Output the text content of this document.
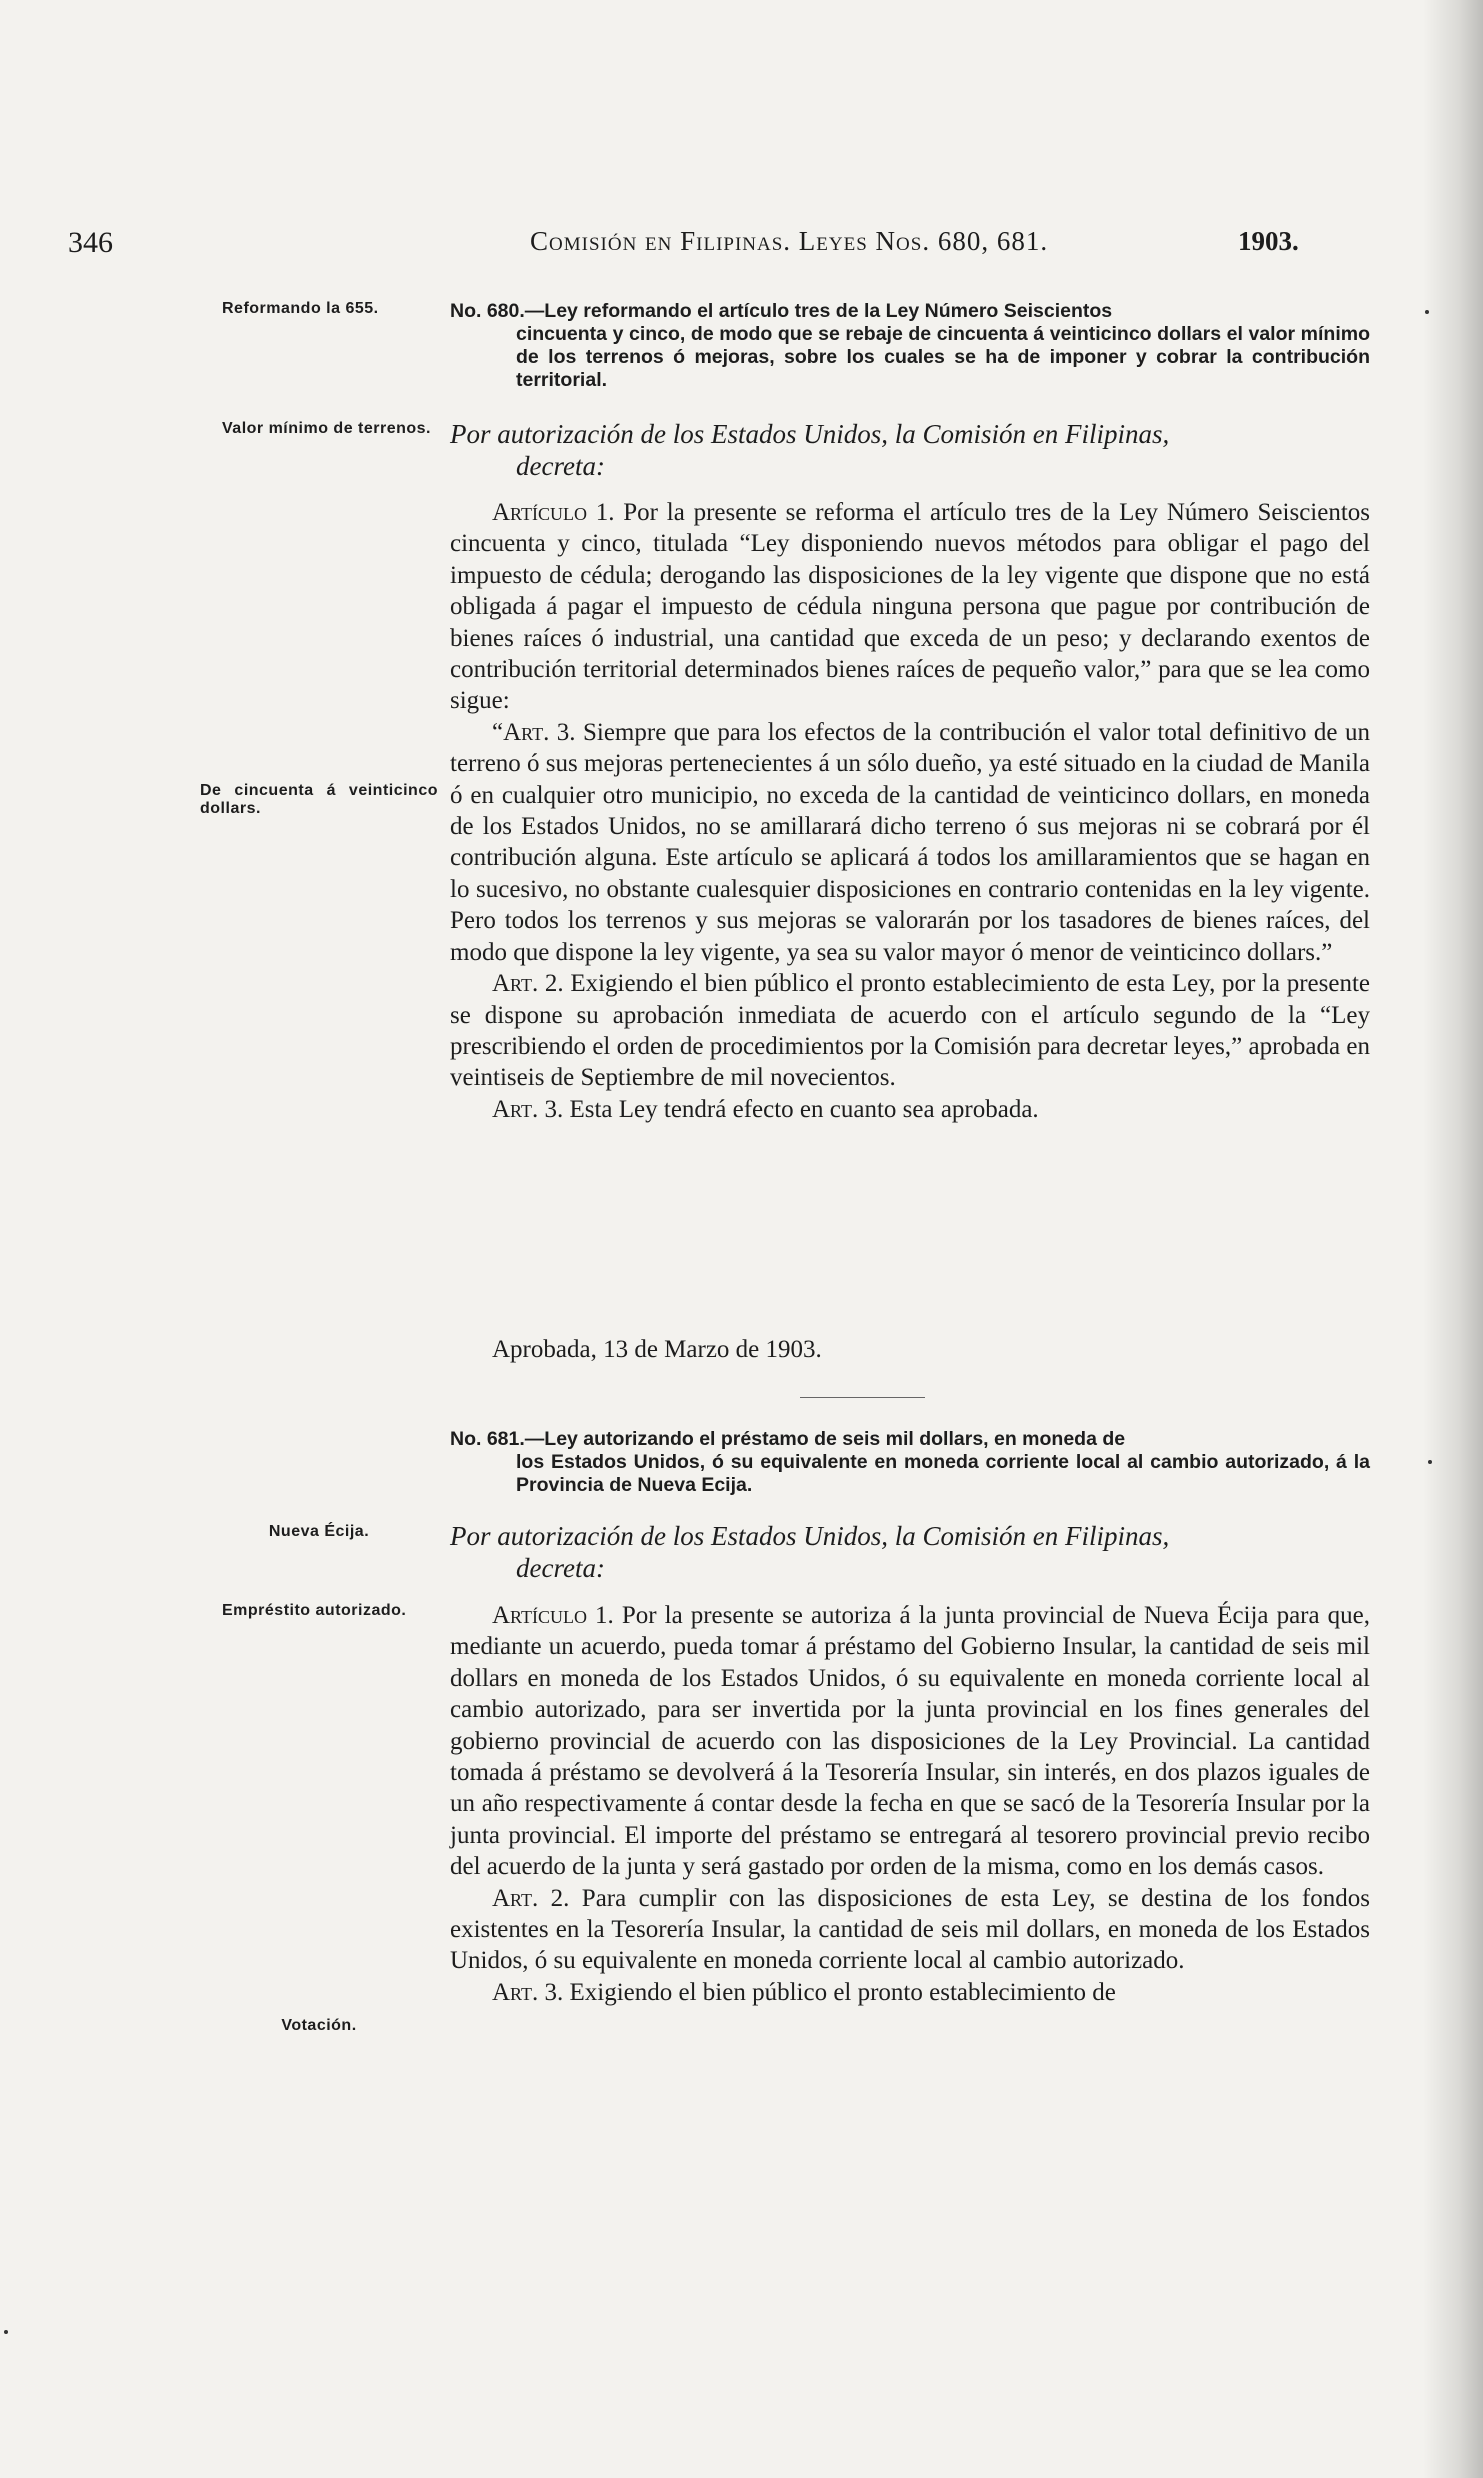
346	Comisión en Filipinas. Leyes Nos. 680, 681.	1903.
Reformando la 655.	No. 680.—Ley reformando el artículo tres de la Ley Número Seiscientos
cincuenta y cinco, de modo que se rebaje de cincuenta á veinticinco dollars el valor mínimo de los terrenos ó mejoras, sobre los cuales se ha de imponer y cobrar la contribución territorial.
Valor mínimo de terrenos. Por autorización de los Estados Unidos, la Comisión en Filipinas,
decreta:
De cincuenta á veinticinco dollars.

Artículo 1. Por la presente se reforma el artículo tres de la Ley Número Seiscientos cincuenta y cinco, titulada “Ley disponiendo nuevos métodos para obligar el pago del impuesto de cédula; derogando las disposiciones de la ley vigente que dispone que no está obligada á pagar el impuesto de cédula ninguna persona que pague por contribución de bienes raíces ó industrial, una cantidad que exceda de un peso; y declarando exentos de contribución territorial determinados bienes raíces de pequeño valor,” para que se lea como sigue:

“Art. 3. Siempre que para los efectos de la contribución el valor total definitivo de un terreno ó sus mejoras pertenecientes á un sólo dueño, ya esté situado en la ciudad de Manila ó en cualquier otro municipio, no exceda de la cantidad de veinticinco dollars, en moneda de los Estados Unidos, no se amillarará dicho terreno ó sus mejoras ni se cobrará por él contribución alguna. Este artículo se aplicará á todos los amillaramientos que se hagan en lo sucesivo, no obstante cualesquier disposiciones en contrario contenidas en la ley vigente. Pero todos los terrenos y sus mejoras se valorarán por los tasadores de bienes raíces, del modo que dispone la ley vigente, ya sea su valor mayor ó menor de veinticinco dollars.”

Art. 2. Exigiendo el bien público el pronto establecimiento de esta Ley, por la presente se dispone su aprobación inmediata de acuerdo con el artículo segundo de la “Ley prescribiendo el orden de procedimientos por la Comisión para decretar leyes,” aprobada en veintiseis de Septiembre de mil novecientos.

Art. 3. Esta Ley tendrá efecto en cuanto sea aprobada.

Aprobada, 13 de Marzo de 1903.
No. 681.—Ley autorizando el préstamo de seis mil dollars, en moneda de
los Estados Unidos, ó su equivalente en moneda corriente local al cambio autorizado, á la Provincia de Nueva Ecija.
Nueva Écija.	Por autorización de los Estados Unidos, la Comisión en Filipinas,
decreta:
Empréstito autorizado.
Votación.

Artículo 1. Por la presente se autoriza á la junta provincial de Nueva Écija para que, mediante un acuerdo, pueda tomar á préstamo del Gobierno Insular, la cantidad de seis mil dollars en moneda de los Estados Unidos, ó su equivalente en moneda corriente local al cambio autorizado, para ser invertida por la junta provincial en los fines generales del gobierno provincial de acuerdo con las disposiciones de la Ley Provincial. La cantidad tomada á préstamo se devolverá á la Tesorería Insular, sin interés, en dos plazos iguales de un año respectivamente á contar desde la fecha en que se sacó de la Tesorería Insular por la junta provincial. El importe del préstamo se entregará al tesorero provincial previo recibo del acuerdo de la junta y será gastado por orden de la misma, como en los demás casos.

Art. 2. Para cumplir con las disposiciones de esta Ley, se destina de los fondos existentes en la Tesorería Insular, la cantidad de seis mil dollars, en moneda de los Estados Unidos, ó su equivalente en moneda corriente local al cambio autorizado.

Art. 3. Exigiendo el bien público el pronto establecimiento de
